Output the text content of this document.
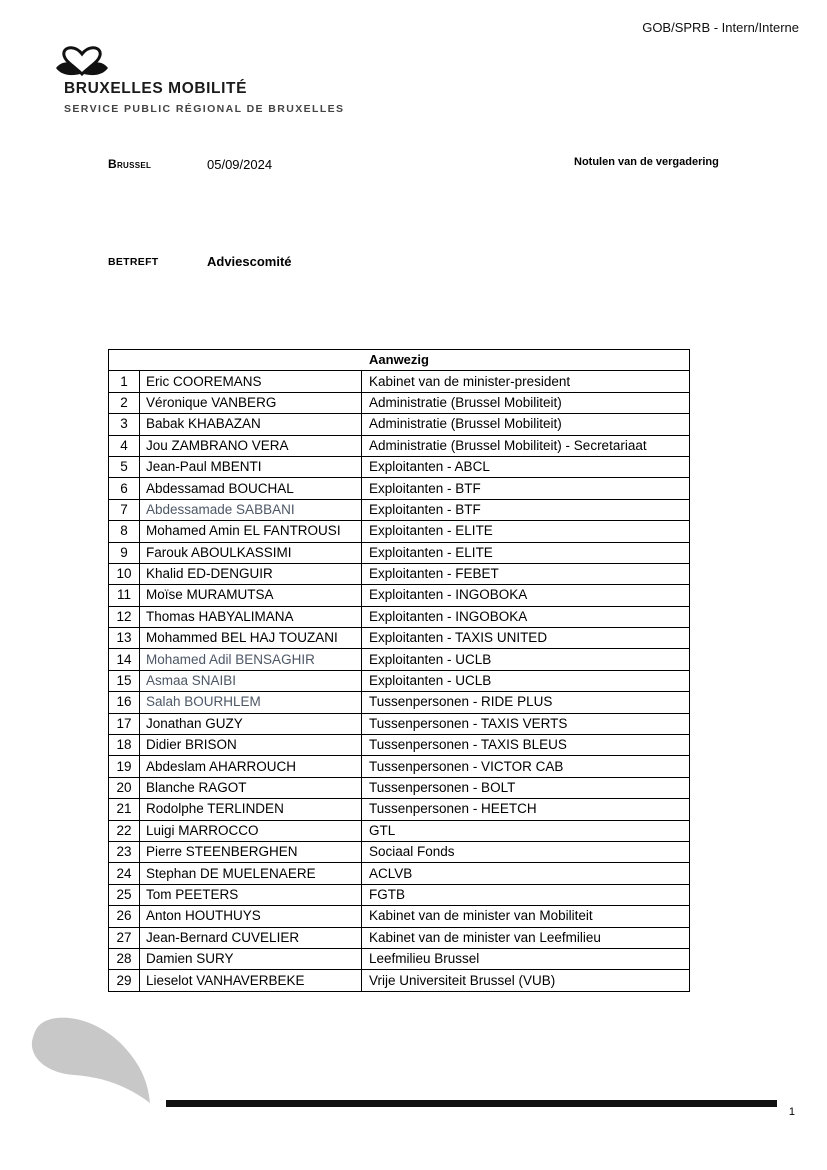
GOB/SPRB - Intern/Interne
BRUXELLES MOBILITÉ
SERVICE PUBLIC RÉGIONAL DE BRUXELLES
Brussel	05/09/2024	Notulen van de vergadering
BETREFT	Adviescomité
Aanwezig		
1	Eric COOREMANS	Kabinet van de minister-president
2	Véronique VANBERG	Administratie (Brussel Mobiliteit)
3	Babak KHABAZAN	Administratie (Brussel Mobiliteit)
4	Jou ZAMBRANO VERA	Administratie (Brussel Mobiliteit) - Secretariaat
5	Jean-Paul MBENTI	Exploitanten - ABCL
6	Abdessamad BOUCHAL	Exploitanten - BTF
7	Abdessamade SABBANI	Exploitanten - BTF
8	Mohamed Amin EL FANTROUSI	Exploitanten - ELITE
9	Farouk ABOULKASSIMI	Exploitanten - ELITE
10	Khalid ED-DENGUIR	Exploitanten - FEBET
11	Moïse MURAMUTSA	Exploitanten - INGOBOKA
12	Thomas HABYALIMANA	Exploitanten - INGOBOKA
13	Mohammed BEL HAJ TOUZANI	Exploitanten - TAXIS UNITED
14	Mohamed Adil BENSAGHIR	Exploitanten - UCLB
15	Asmaa SNAIBI	Exploitanten - UCLB
16	Salah BOURHLEM	Tussenpersonen - RIDE PLUS
17	Jonathan GUZY	Tussenpersonen - TAXIS VERTS
18	Didier BRISON	Tussenpersonen - TAXIS BLEUS
19	Abdeslam AHARROUCH	Tussenpersonen - VICTOR CAB
20	Blanche RAGOT	Tussenpersonen - BOLT
21	Rodolphe TERLINDEN	Tussenpersonen - HEETCH
22	Luigi MARROCCO	GTL
23	Pierre STEENBERGHEN	Sociaal Fonds
24	Stephan DE MUELENAERE	ACLVB
25	Tom PEETERS	FGTB
26	Anton HOUTHUYS	Kabinet van de minister van Mobiliteit
27	Jean-Bernard CUVELIER	Kabinet van de minister van Leefmilieu
28	Damien SURY	Leefmilieu Brussel
29	Lieselot VANHAVERBEKE	Vrije Universiteit Brussel (VUB)
1
